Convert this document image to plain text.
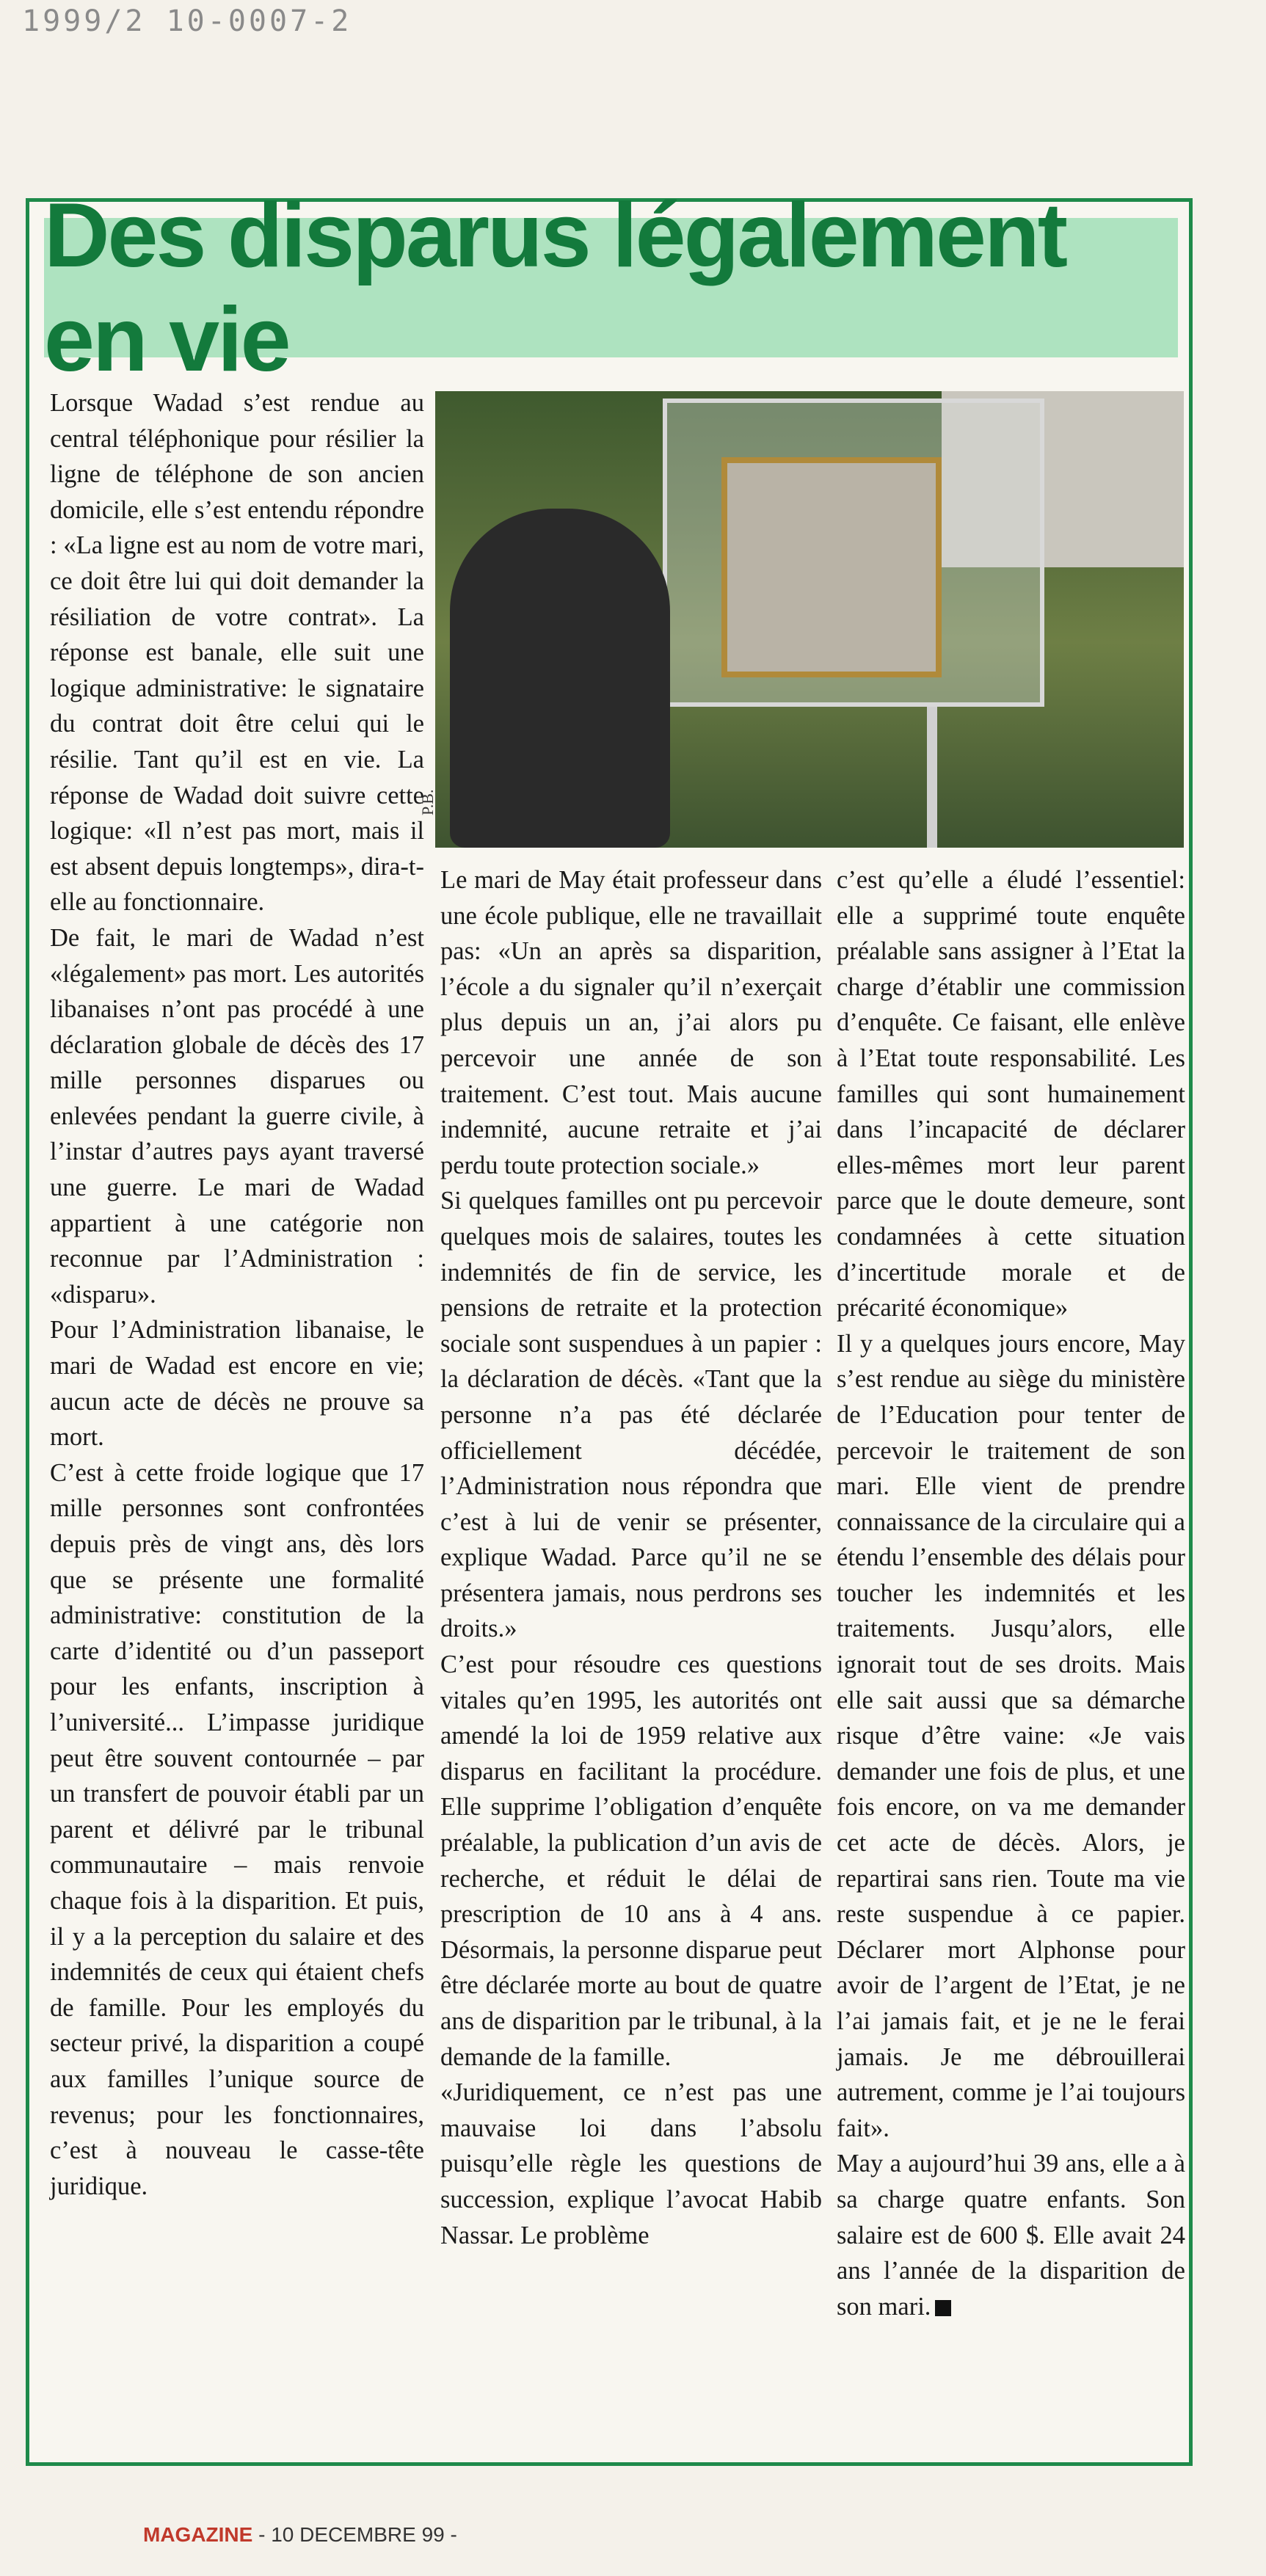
1999/2 10-0007-2
Des disparus légalement en vie

Lorsque Wadad s’est rendue au central téléphonique pour résilier la ligne de téléphone de son ancien domicile, elle s’est entendu répondre : «La ligne est au nom de votre mari, ce doit être lui qui doit demander la résiliation de votre contrat». La réponse est banale, elle suit une logique administrative: le signataire du contrat doit être celui qui le résilie. Tant qu’il est en vie. La réponse de Wadad doit suivre cette logique: «Il n’est pas mort, mais il est absent depuis longtemps», dira-t-elle au fonctionnaire.

De fait, le mari de Wadad n’est «légalement» pas mort. Les autorités libanaises n’ont pas procédé à une déclaration globale de décès des 17 mille personnes disparues ou enlevées pendant la guerre civile, à l’instar d’autres pays ayant traversé une guerre. Le mari de Wadad appartient à une catégorie non reconnue par l’Administration : «disparu».

Pour l’Administration libanaise, le mari de Wadad est encore en vie; aucun acte de décès ne prouve sa mort.

C’est à cette froide logique que 17 mille personnes sont confrontées depuis près de vingt ans, dès lors que se présente une formalité administrative: constitution de la carte d’identité ou d’un passeport pour les enfants, inscription à l’université... L’impasse juridique peut être souvent contournée – par un transfert de pouvoir établi par un parent et délivré par le tribunal communautaire – mais renvoie chaque fois à la disparition. Et puis, il y a la perception du salaire et des indemnités de ceux qui étaient chefs de famille. Pour les employés du secteur privé, la disparition a coupé aux familles l’unique source de revenus; pour les fonctionnaires, c’est à nouveau le casse-tête juridique.

P.B.

Le mari de May était professeur dans une école publique, elle ne travaillait pas: «Un an après sa disparition, l’école a du signaler qu’il n’exerçait plus depuis un an, j’ai alors pu percevoir une année de son traitement. C’est tout. Mais aucune indemnité, aucune retraite et j’ai perdu toute protection sociale.»

Si quelques familles ont pu percevoir quelques mois de salaires, toutes les indemnités de fin de service, les pensions de retraite et la protection sociale sont suspendues à un papier : la déclaration de décès. «Tant que la personne n’a pas été déclarée officiellement décédée, l’Administration nous répondra que c’est à lui de venir se présenter, explique Wadad. Parce qu’il ne se présentera jamais, nous perdrons ses droits.»

C’est pour résoudre ces questions vitales qu’en 1995, les autorités ont amendé la loi de 1959 relative aux disparus en facilitant la procédure. Elle supprime l’obligation d’enquête préalable, la publication d’un avis de recherche, et réduit le délai de prescription de 10 ans à 4 ans. Désormais, la personne disparue peut être déclarée morte au bout de quatre ans de disparition par le tribunal, à la demande de la famille.

«Juridiquement, ce n’est pas une mauvaise loi dans l’absolu puisqu’elle règle les questions de succession, explique l’avocat Habib Nassar. Le problème

c’est qu’elle a éludé l’essentiel: elle a supprimé toute enquête préalable sans assigner à l’Etat la charge d’établir une commission d’enquête. Ce faisant, elle enlève à l’Etat toute responsabilité. Les familles qui sont humainement dans l’incapacité de déclarer elles-mêmes mort leur parent parce que le doute demeure, sont condamnées à cette situation d’incertitude morale et de précarité économique»

Il y a quelques jours encore, May s’est rendue au siège du ministère de l’Education pour tenter de percevoir le traitement de son mari. Elle vient de prendre connaissance de la circulaire qui a étendu l’ensemble des délais pour toucher les indemnités et les traitements. Jusqu’alors, elle ignorait tout de ses droits. Mais elle sait aussi que sa démarche risque d’être vaine: «Je vais demander une fois de plus, et une fois encore, on va me demander cet acte de décès. Alors, je repartirai sans rien. Toute ma vie reste suspendue à ce papier. Déclarer mort Alphonse pour avoir de l’argent de l’Etat, je ne l’ai jamais fait, et je ne le ferai jamais. Je me débrouillerai autrement, comme je l’ai toujours fait».

May a aujourd’hui 39 ans, elle a à sa charge quatre enfants. Son salaire est de 600 $. Elle avait 24 ans l’année de la disparition de son mari.

MAGAZINE - 10 DECEMBRE 99 -
